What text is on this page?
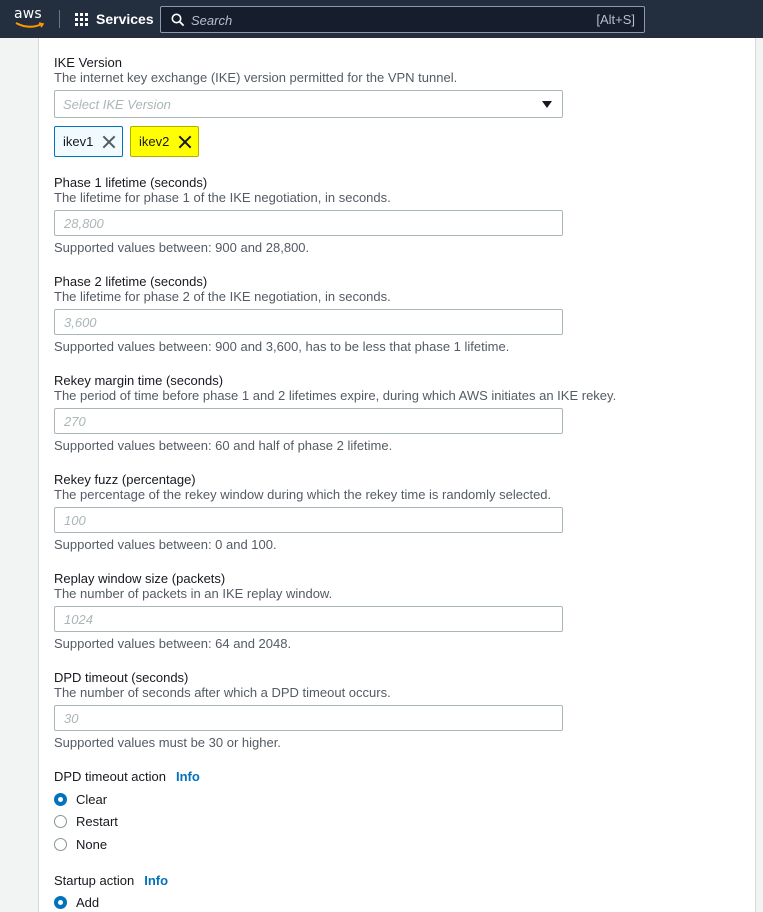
aws	Services
Search	[Alt+S]
IKE Version
The internet key exchange (IKE) version permitted for the VPN tunnel.
Select IKE Version
ikev1	ikev2
Phase 1 lifetime (seconds)
The lifetime for phase 1 of the IKE negotiation, in seconds.
28,800
Supported values between: 900 and 28,800.
Phase 2 lifetime (seconds)
The lifetime for phase 2 of the IKE negotiation, in seconds.
3,600
Supported values between: 900 and 3,600, has to be less that phase 1 lifetime.
Rekey margin time (seconds)
The period of time before phase 1 and 2 lifetimes expire, during which AWS initiates an IKE rekey.
270
Supported values between: 60 and half of phase 2 lifetime.
Rekey fuzz (percentage)
The percentage of the rekey window during which the rekey time is randomly selected.
100
Supported values between: 0 and 100.
Replay window size (packets)
The number of packets in an IKE replay window.
1024
Supported values between: 64 and 2048.
DPD timeout (seconds)
The number of seconds after which a DPD timeout occurs.
30
Supported values must be 30 or higher.
DPD timeout action Info
Clear
Restart
None
Startup action Info
Add
